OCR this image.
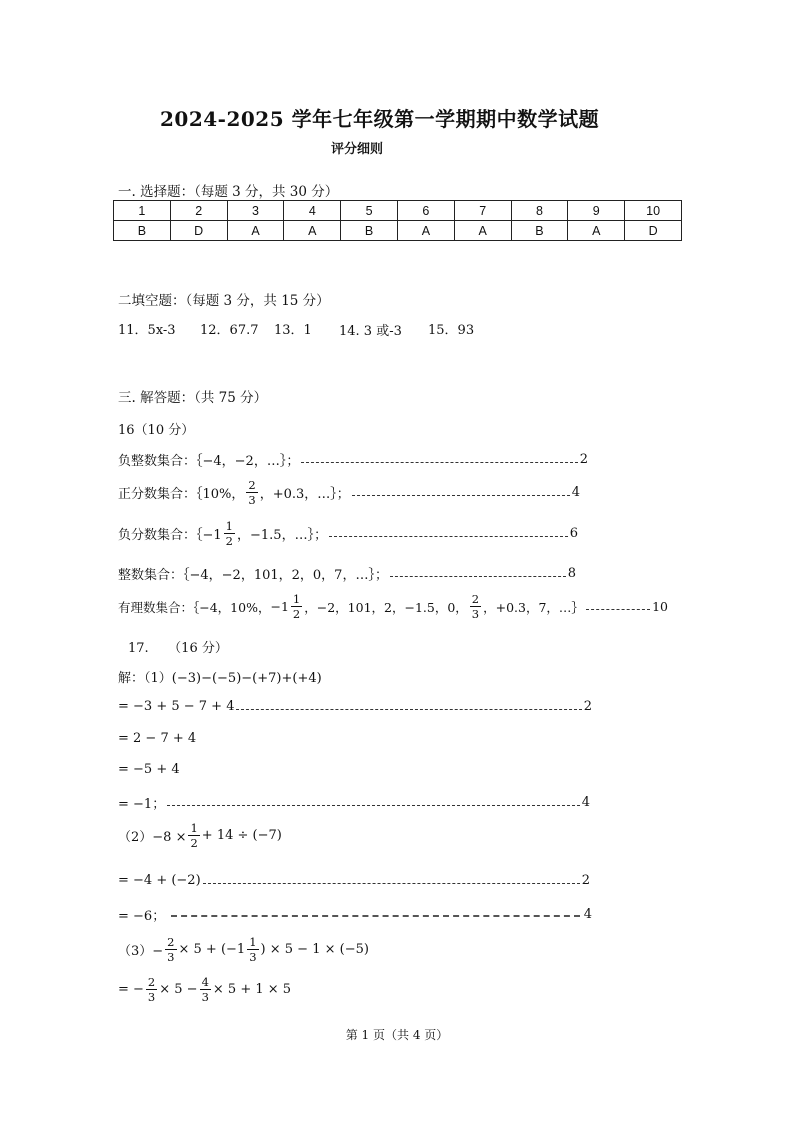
2024-2025 学年七年级第一学期期中数学试题
评分细则
一. 选择题：（每题 3 分，共 30 分）
1	2	3	4	5	6	7	8	9	10
B	D	A	A	B	A	A	B	A	D
二填空题：（每题 3 分，共 15 分）
11．5x-3 12．67.7 13．1 14. 3 或-3 15．93
三. 解答题：（共 75 分）
16（10 分）
负整数集合：｛−4，−2，…｝；	2
正分数集合：｛10%， $\frac{2}{3}$ ，+0.3，…｝；	4
负分数集合：｛−1 $\frac{1}{2}$ ，−1.5，…｝；	6
整数集合：｛−4，−2，101，2，0，7，…｝；	8
有理数集合：｛−4，10%， $-1 \frac{1}{2}$ ，−2，101，2，−1.5，0， $\frac{2}{3}$ ，+0.3，7，…｝	10
17.　　（16 分）
解：（1）(−3)−(−5)−(+7)+(+4)
= −3 + 5 − 7 + 4	2
= 2 − 7 + 4
= −5 + 4
= −1；	4
$(2)-8 \times \frac{1}{2} + 14 \div (-7)$
= −4 + (−2)	2
= −6；	4
$(3)- \frac{2}{3} \times 5 + (-1 \frac{1}{3}$ ) × 5 − 1 × (−5)
= − $\frac{2}{3} \times 5 - \frac{4}{3} \times 5 + 1 \times 5$
第 1 页（共 4 页）
